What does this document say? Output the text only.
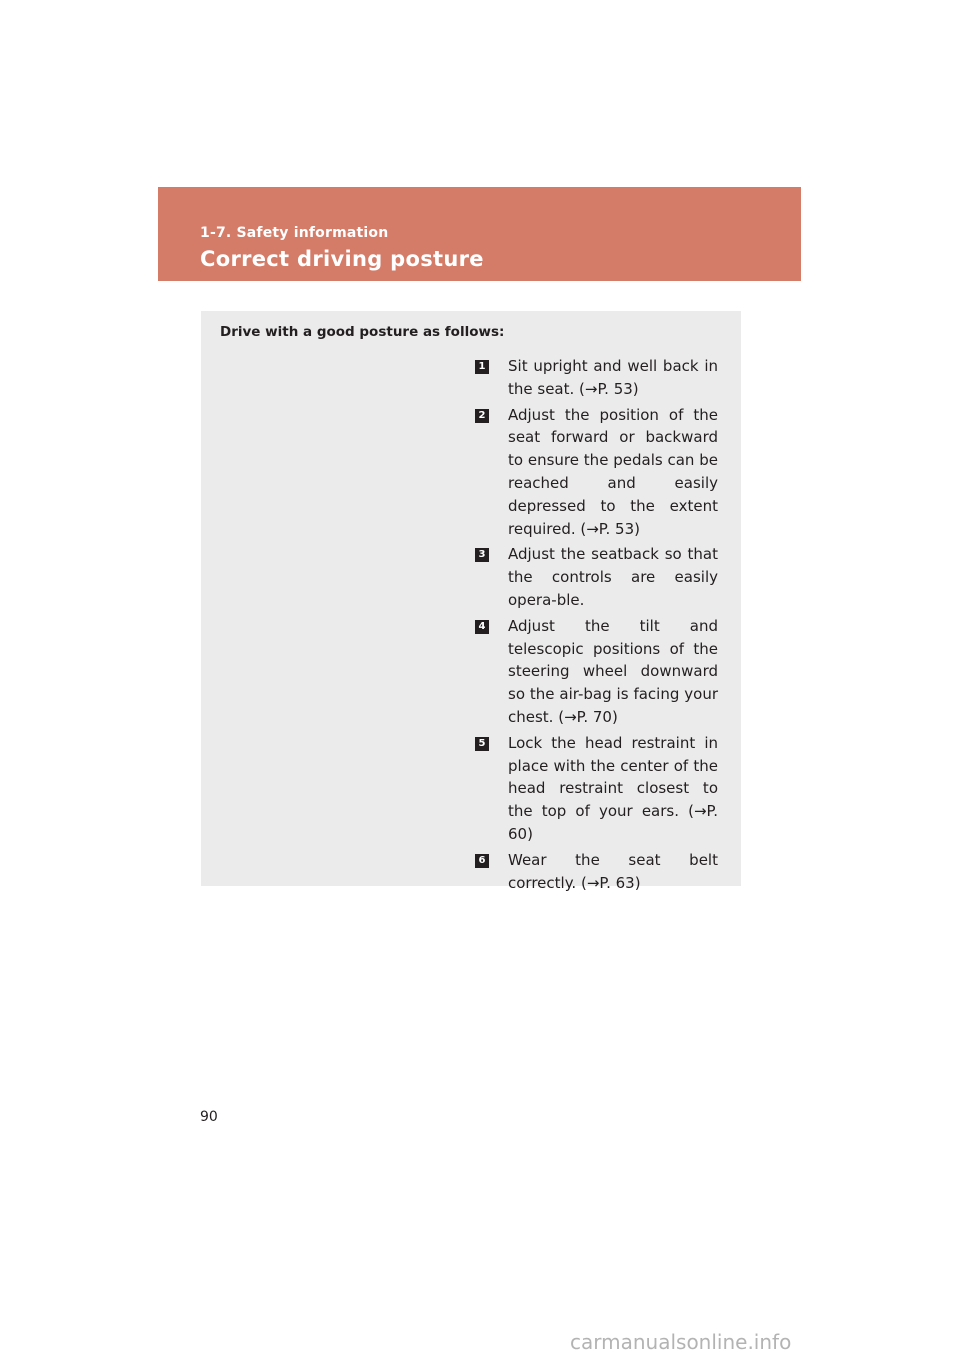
1-7. Safety information
Correct driving posture
Drive with a good posture as follows:
1 Sit upright and well back in the seat. (→P. 53)
2 Adjust the position of the seat forward or backward to ensure the pedals can be reached and easily depressed to the extent required. (→P. 53)
3 Adjust the seatback so that the controls are easily opera-ble.
4 Adjust the tilt and telescopic positions of the steering wheel downward so the air-bag is facing your chest. (→P. 70)
5 Lock the head restraint in place with the center of the head restraint closest to the top of your ears. (→P. 60)
6 Wear the seat belt correctly. (→P. 63)
90
carmanualsonline.info
